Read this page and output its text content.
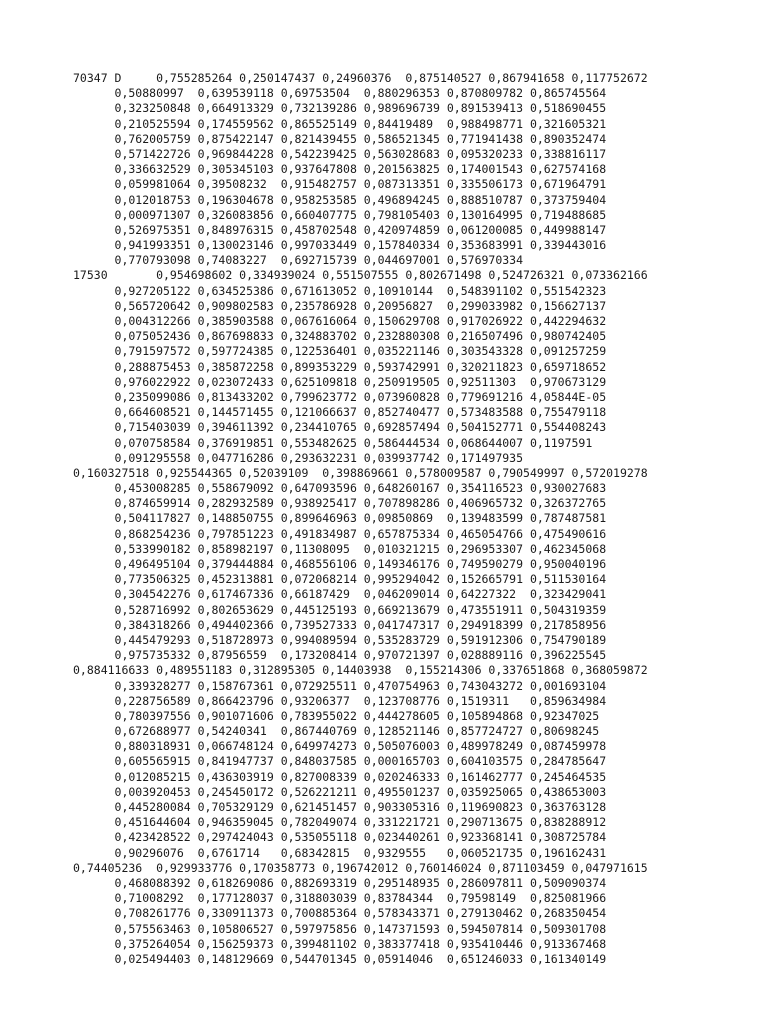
70347 D     0,755285264 0,250147437 0,24960376  0,875140527 0,867941658 0,117752672
0,50880997  0,639539118 0,69753504  0,880296353 0,870809782 0,865745564
0,323250848 0,664913329 0,732139286 0,989696739 0,891539413 0,518690455
0,210525594 0,174559562 0,865525149 0,84419489  0,988498771 0,321605321
0,762005759 0,875422147 0,821439455 0,586521345 0,771941438 0,890352474
0,571422726 0,969844228 0,542239425 0,563028683 0,095320233 0,338816117
0,336632529 0,305345103 0,937647808 0,201563825 0,174001543 0,627574168
0,059981064 0,39508232  0,915482757 0,087313351 0,335506173 0,671964791
0,012018753 0,196304678 0,958253585 0,496894245 0,888510787 0,373759404
0,000971307 0,326083856 0,660407775 0,798105403 0,130164995 0,719488685
0,526975351 0,848976315 0,458702548 0,420974859 0,061200085 0,449988147
0,941993351 0,130023146 0,997033449 0,157840334 0,353683991 0,339443016
0,770793098 0,74083227  0,692715739 0,044697001 0,576970334
17530       0,954698602 0,334939024 0,551507555 0,802671498 0,524726321 0,073362166
0,927205122 0,634525386 0,671613052 0,10910144  0,548391102 0,551542323
0,565720642 0,909802583 0,235786928 0,20956827  0,299033982 0,156627137
0,004312266 0,385903588 0,067616064 0,150629708 0,917026922 0,442294632
0,075052436 0,867698833 0,324883702 0,232880308 0,216507496 0,980742405
0,791597572 0,597724385 0,122536401 0,035221146 0,303543328 0,091257259
0,288875453 0,385872258 0,899353229 0,593742991 0,320211823 0,659718652
0,976022922 0,023072433 0,625109818 0,250919505 0,92511303  0,970673129
0,235099086 0,813433202 0,799623772 0,073960828 0,779691216 4,05844E-05
0,664608521 0,144571455 0,121066637 0,852740477 0,573483588 0,755479118
0,715403039 0,394611392 0,234410765 0,692857494 0,504152771 0,554408243
0,070758584 0,376919851 0,553482625 0,586444534 0,068644007 0,1197591
0,091295558 0,047716286 0,293632231 0,039937742 0,171497935
0,160327518 0,925544365 0,52039109  0,398869661 0,578009587 0,790549997 0,572019278
0,453008285 0,558679092 0,647093596 0,648260167 0,354116523 0,930027683
0,874659914 0,282932589 0,938925417 0,707898286 0,406965732 0,326372765
0,504117827 0,148850755 0,899646963 0,09850869  0,139483599 0,787487581
0,868254236 0,797851223 0,491834987 0,657875334 0,465054766 0,475490616
0,533990182 0,858982197 0,11308095  0,010321215 0,296953307 0,462345068
0,496495104 0,379444884 0,468556106 0,149346176 0,749590279 0,950040196
0,773506325 0,452313881 0,072068214 0,995294042 0,152665791 0,511530164
0,304542276 0,617467336 0,66187429  0,046209014 0,64227322  0,323429041
0,528716992 0,802653629 0,445125193 0,669213679 0,473551911 0,504319359
0,384318266 0,494402366 0,739527333 0,041747317 0,294918399 0,217858956
0,445479293 0,518728973 0,994089594 0,535283729 0,591912306 0,754790189
0,975735332 0,87956559  0,173208414 0,970721397 0,028889116 0,396225545
0,884116633 0,489551183 0,312895305 0,14403938  0,155214306 0,337651868 0,368059872
0,339328277 0,158767361 0,072925511 0,470754963 0,743043272 0,001693104
0,228756589 0,866423796 0,93206377  0,123708776 0,1519311   0,859634984
0,780397556 0,901071606 0,783955022 0,444278605 0,105894868 0,92347025
0,672688977 0,54240341  0,867440769 0,128521146 0,857724727 0,80698245
0,880318931 0,066748124 0,649974273 0,505076003 0,489978249 0,087459978
0,605565915 0,841947737 0,848037585 0,000165703 0,604103575 0,284785647
0,012085215 0,436303919 0,827008339 0,020246333 0,161462777 0,245464535
0,003920453 0,245450172 0,526221211 0,495501237 0,035925065 0,438653003
0,445280084 0,705329129 0,621451457 0,903305316 0,119690823 0,363763128
0,451644604 0,946359045 0,782049074 0,331221721 0,290713675 0,838288912
0,423428522 0,297424043 0,535055118 0,023440261 0,923368141 0,308725784
0,90296076  0,6761714   0,68342815  0,9329555   0,060521735 0,196162431
0,74405236  0,929933776 0,170358773 0,196742012 0,760146024 0,871103459 0,047971615
0,468088392 0,618269086 0,882693319 0,295148935 0,286097811 0,509090374
0,71008292  0,177128037 0,318803039 0,83784344  0,79598149  0,825081966
0,708261776 0,330911373 0,700885364 0,578343371 0,279130462 0,268350454
0,575563463 0,105806527 0,597975856 0,147371593 0,594507814 0,509301708
0,375264054 0,156259373 0,399481102 0,383377418 0,935410446 0,913367468
0,025494403 0,148129669 0,544701345 0,05914046  0,651246033 0,161340149
